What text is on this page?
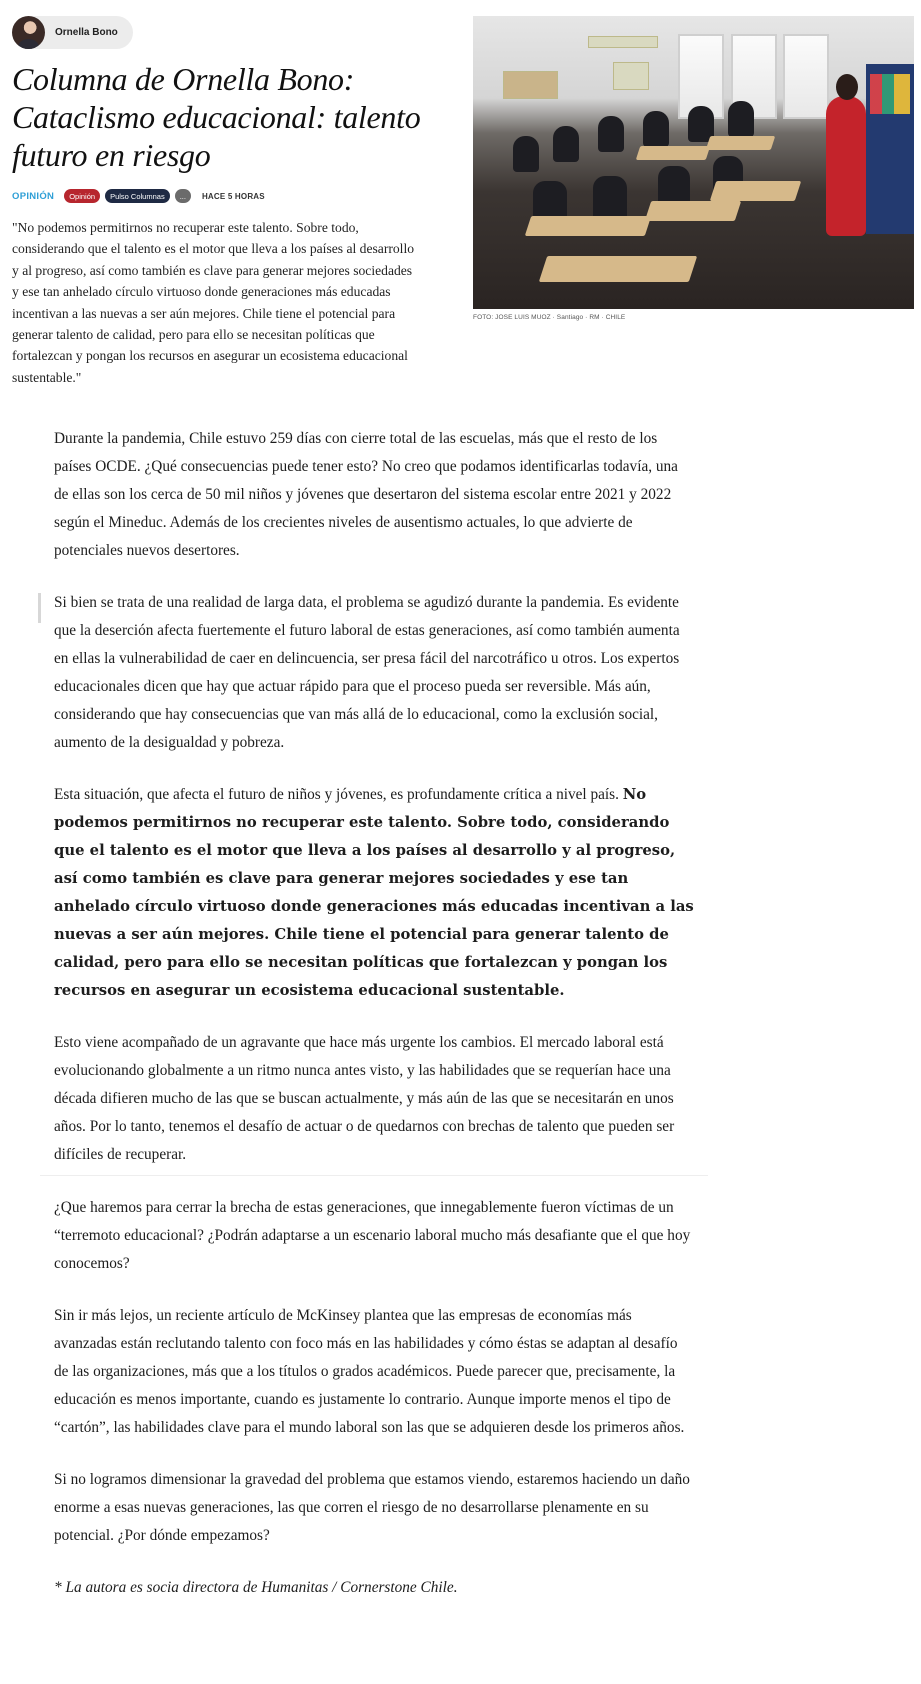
Ornella Bono
Columna de Ornella Bono: Cataclismo educacional: talento futuro en riesgo
OPINIÓN	Opinión	Pulso Columnas	...	HACE 5 HORAS

"No podemos permitirnos no recuperar este talento. Sobre todo, considerando que el talento es el motor que lleva a los países al desarrollo y al progreso, así como también es clave para generar mejores sociedades y ese tan anhelado círculo virtuoso donde generaciones más educadas incentivan a las nuevas a ser aún mejores. Chile tiene el potencial para generar talento de calidad, pero para ello se necesitan políticas que fortalezcan y pongan los recursos en asegurar un ecosistema educacional sustentable."

FOTO: JOSE LUIS MUOZ · Santiago · RM · CHILE

Durante la pandemia, Chile estuvo 259 días con cierre total de las escuelas, más que el resto de los países OCDE. ¿Qué consecuencias puede tener esto? No creo que podamos identificarlas todavía, una de ellas son los cerca de 50 mil niños y jóvenes que desertaron del sistema escolar entre 2021 y 2022 según el Mineduc. Además de los crecientes niveles de ausentismo actuales, lo que advierte de potenciales nuevos desertores.

Si bien se trata de una realidad de larga data, el problema se agudizó durante la pandemia. Es evidente que la deserción afecta fuertemente el futuro laboral de estas generaciones, así como también aumenta en ellas la vulnerabilidad de caer en delincuencia, ser presa fácil del narcotráfico u otros. Los expertos educacionales dicen que hay que actuar rápido para que el proceso pueda ser reversible. Más aún, considerando que hay consecuencias que van más allá de lo educacional, como la exclusión social, aumento de la desigualdad y pobreza.

Esta situación, que afecta el futuro de niños y jóvenes, es profundamente crítica a nivel país. No podemos permitirnos no recuperar este talento. Sobre todo, considerando que el talento es el motor que lleva a los países al desarrollo y al progreso, así como también es clave para generar mejores sociedades y ese tan anhelado círculo virtuoso donde generaciones más educadas incentivan a las nuevas a ser aún mejores. Chile tiene el potencial para generar talento de calidad, pero para ello se necesitan políticas que fortalezcan y pongan los recursos en asegurar un ecosistema educacional sustentable.

Esto viene acompañado de un agravante que hace más urgente los cambios. El mercado laboral está evolucionando globalmente a un ritmo nunca antes visto, y las habilidades que se requerían hace una década difieren mucho de las que se buscan actualmente, y más aún de las que se necesitarán en unos años. Por lo tanto, tenemos el desafío de actuar o de quedarnos con brechas de talento que pueden ser difíciles de recuperar.

¿Que haremos para cerrar la brecha de estas generaciones, que innegablemente fueron víctimas de un “terremoto educacional? ¿Podrán adaptarse a un escenario laboral mucho más desafiante que el que hoy conocemos?

Sin ir más lejos, un reciente artículo de McKinsey plantea que las empresas de economías más avanzadas están reclutando talento con foco más en las habilidades y cómo éstas se adaptan al desafío de las organizaciones, más que a los títulos o grados académicos. Puede parecer que, precisamente, la educación es menos importante, cuando es justamente lo contrario. Aunque importe menos el tipo de “cartón”, las habilidades clave para el mundo laboral son las que se adquieren desde los primeros años.

Si no logramos dimensionar la gravedad del problema que estamos viendo, estaremos haciendo un daño enorme a esas nuevas generaciones, las que corren el riesgo de no desarrollarse plenamente en su potencial. ¿Por dónde empezamos?

* La autora es socia directora de Humanitas / Cornerstone Chile.
